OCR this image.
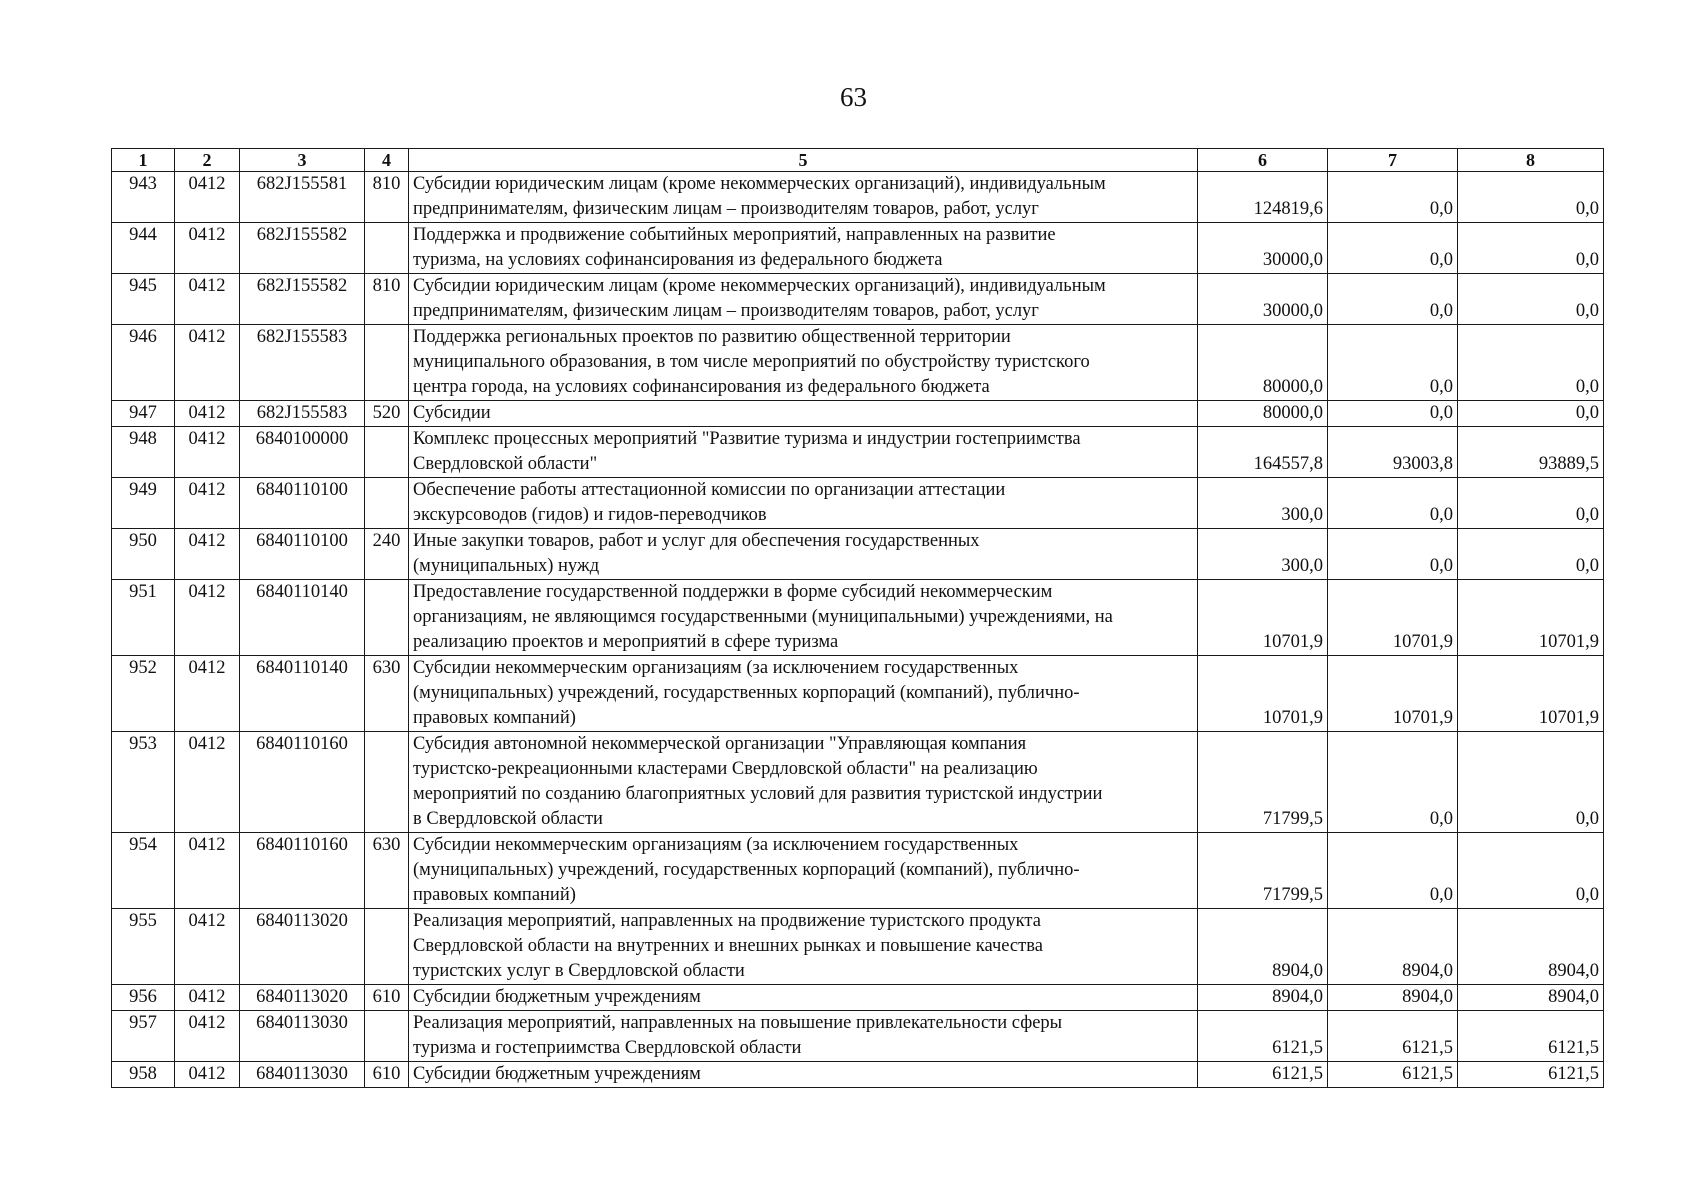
63
1	2	3	4	5	6	7	8
943	0412	682J155581	810	Субсидии юридическим лицам (кроме некоммерческих организаций), индивидуальным
предпринимателям, физическим лицам – производителям товаров, работ, услуг	124819,6	0,0	0,0
944	0412	682J155582		Поддержка и продвижение событийных мероприятий, направленных на развитие
туризма, на условиях софинансирования из федерального бюджета	30000,0	0,0	0,0
945	0412	682J155582	810	Субсидии юридическим лицам (кроме некоммерческих организаций), индивидуальным
предпринимателям, физическим лицам – производителям товаров, работ, услуг	30000,0	0,0	0,0
946	0412	682J155583		Поддержка региональных проектов по развитию общественной территории
муниципального образования, в том числе мероприятий по обустройству туристского
центра города, на условиях софинансирования из федерального бюджета	80000,0	0,0	0,0
947	0412	682J155583	520	Субсидии	80000,0	0,0	0,0
948	0412	6840100000		Комплекс процессных мероприятий "Развитие туризма и индустрии гостеприимства
Свердловской области"	164557,8	93003,8	93889,5
949	0412	6840110100		Обеспечение работы аттестационной комиссии по организации аттестации
экскурсоводов (гидов) и гидов-переводчиков	300,0	0,0	0,0
950	0412	6840110100	240	Иные закупки товаров, работ и услуг для обеспечения государственных
(муниципальных) нужд	300,0	0,0	0,0
951	0412	6840110140		Предоставление государственной поддержки в форме субсидий некоммерческим
организациям, не являющимся государственными (муниципальными) учреждениями, на
реализацию проектов и мероприятий в сфере туризма	10701,9	10701,9	10701,9
952	0412	6840110140	630	Субсидии некоммерческим организациям (за исключением государственных
(муниципальных) учреждений, государственных корпораций (компаний), публично-
правовых компаний)	10701,9	10701,9	10701,9
953	0412	6840110160		Субсидия автономной некоммерческой организации "Управляющая компания
туристско-рекреационными кластерами Свердловской области" на реализацию
мероприятий по созданию благоприятных условий для развития туристской индустрии
в Свердловской области	71799,5	0,0	0,0
954	0412	6840110160	630	Субсидии некоммерческим организациям (за исключением государственных
(муниципальных) учреждений, государственных корпораций (компаний), публично-
правовых компаний)	71799,5	0,0	0,0
955	0412	6840113020		Реализация мероприятий, направленных на продвижение туристского продукта
Свердловской области на внутренних и внешних рынках и повышение качества
туристских услуг в Свердловской области	8904,0	8904,0	8904,0
956	0412	6840113020	610	Субсидии бюджетным учреждениям	8904,0	8904,0	8904,0
957	0412	6840113030		Реализация мероприятий, направленных на повышение привлекательности сферы
туризма и гостеприимства Свердловской области	6121,5	6121,5	6121,5
958	0412	6840113030	610	Субсидии бюджетным учреждениям	6121,5	6121,5	6121,5
